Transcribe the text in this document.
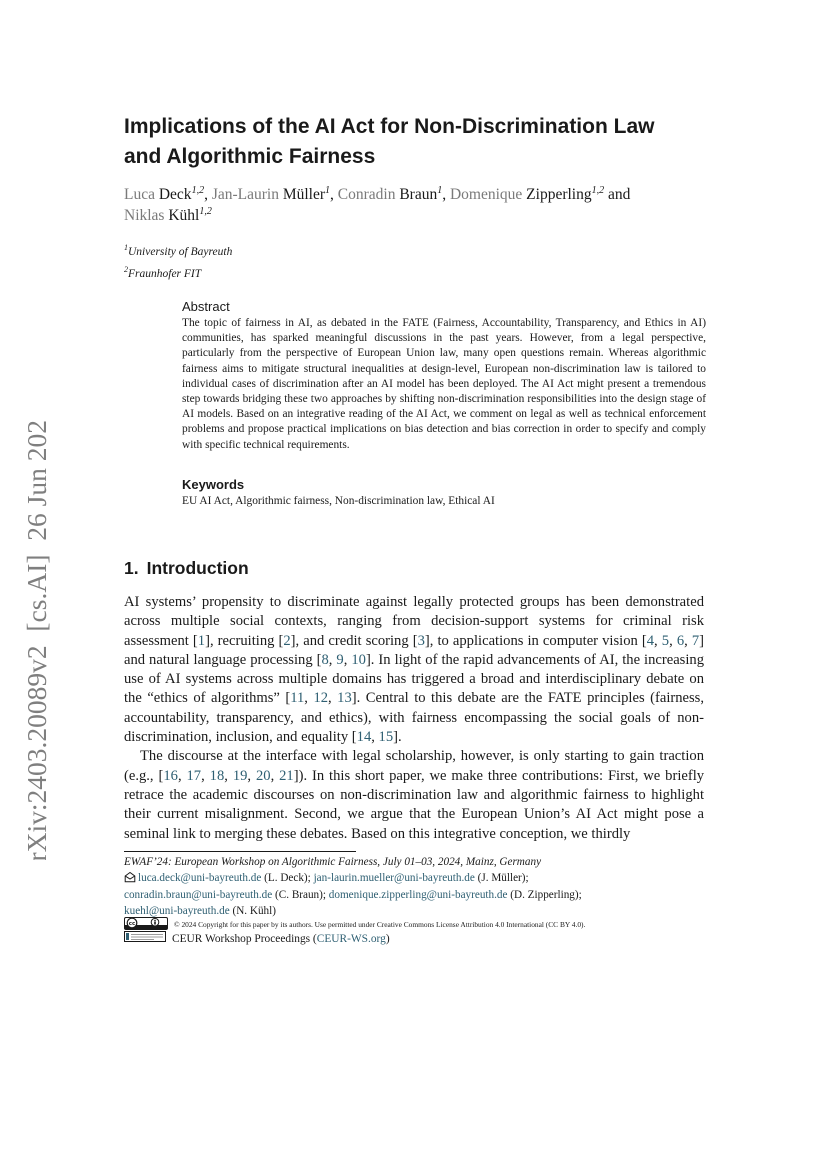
arXiv:2403.20089v2  [cs.AI]  26 Jun 2024
Implications of the AI Act for Non-Discrimination Law
and Algorithmic Fairness
Luca Deck$^{1,2}$, Jan-Laurin Müller$^1$, Conradin Braun$^1$, Domenique Zipperling$^{1,2}$ and
Niklas Kühl$^{1,2}$
$^1$University of Bayreuth
$^2$Fraunhofer FIT
Abstract
The topic of fairness in AI, as debated in the FATE (Fairness, Accountability, Transparency, and Ethics in AI) communities, has sparked meaningful discussions in the past years. However, from a legal perspective, particularly from the perspective of European Union law, many open questions remain. Whereas algorithmic fairness aims to mitigate structural inequalities at design-level, European non-discrimination law is tailored to individual cases of discrimination after an AI model has been deployed. The AI Act might present a tremendous step towards bridging these two approaches by shifting non-discrimination responsibilities into the design stage of AI models. Based on an integrative reading of the AI Act, we comment on legal as well as technical enforcement problems and propose practical implications on bias detection and bias correction in order to specify and comply with specific technical requirements.
Keywords
EU AI Act, Algorithmic fairness, Non-discrimination law, Ethical AI
1. Introduction

AI systems’ propensity to discriminate against legally protected groups has been demonstrated across multiple social contexts, ranging from decision-support systems for criminal risk assessment [1], recruiting [2], and credit scoring [3], to applications in computer vision [4, 5, 6, 7] and natural language processing [8, 9, 10]. In light of the rapid advancements of AI, the increasing use of AI systems across multiple domains has triggered a broad and interdisciplinary debate on the “ethics of algorithms” [11, 12, 13]. Central to this debate are the FATE principles (fairness, accountability, transparency, and ethics), with fairness encompassing the social goals of non-discrimination, inclusion, and equality [14, 15].

The discourse at the interface with legal scholarship, however, is only starting to gain traction (e.g., [16, 17, 18, 19, 20, 21]). In this short paper, we make three contributions: First, we briefly retrace the academic discourses on non-discrimination law and algorithmic fairness to highlight their current misalignment. Second, we argue that the European Union’s AI Act might pose a seminal link to merging these debates. Based on this integrative conception, we thirdly

EWAF’24: European Workshop on Algorithmic Fairness, July 01–03, 2024, Mainz, Germany
luca.deck@uni-bayreuth.de (L. Deck); jan-laurin.mueller@uni-bayreuth.de (J. Müller);
conradin.braun@uni-bayreuth.de (C. Braun); domenique.zipperling@uni-bayreuth.de (D. Zipperling);
kuehl@uni-bayreuth.de (N. Kühl)
cc	© 2024 Copyright for this paper by its authors. Use permitted under Creative Commons License Attribution 4.0 International (CC BY 4.0).
CEUR Workshop Proceedings (CEUR-WS.org)
